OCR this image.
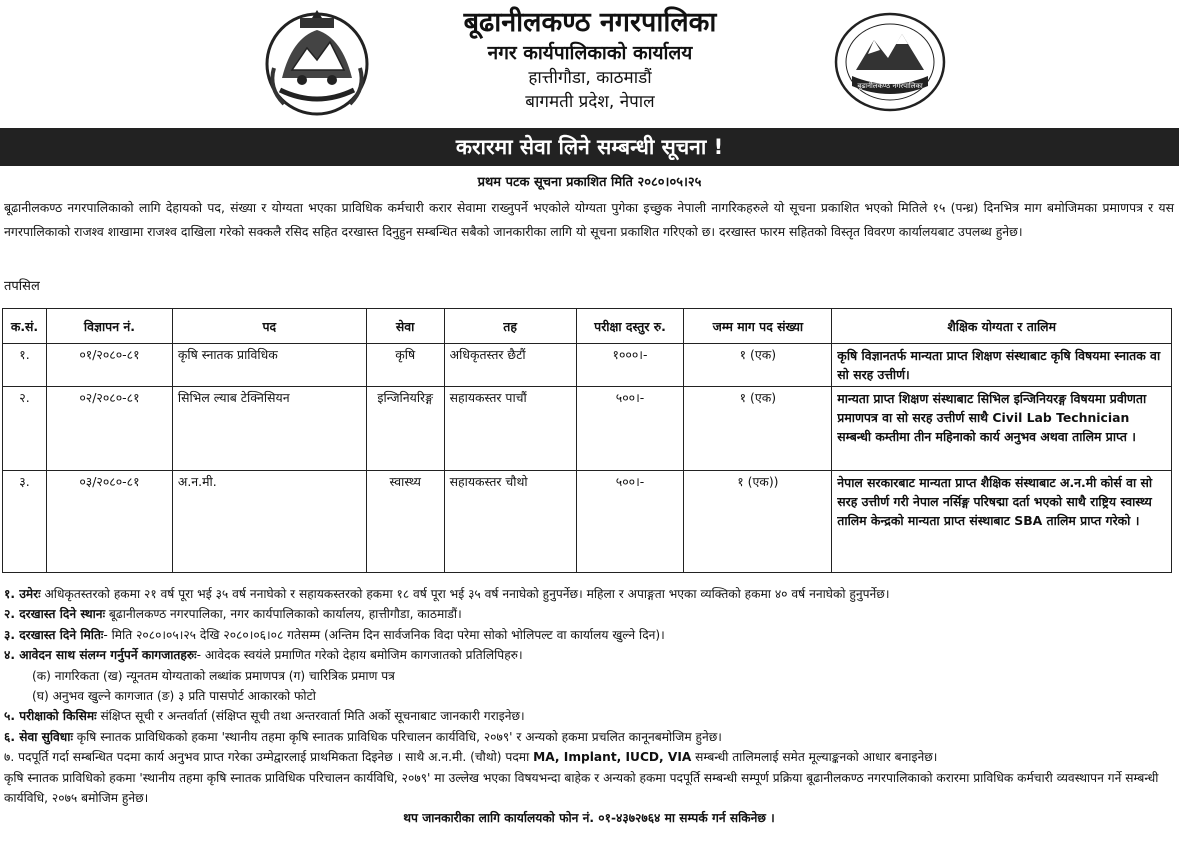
बूढानीलकण्ठ नगरपालिका
नगर कार्यपालिकाको कार्यालय
हात्तीगौडा, काठमाडौं
बागमती प्रदेश, नेपाल
बूढानीलकण्ठ नगरपालिका
करारमा सेवा लिने सम्बन्धी सूचना !
प्रथम पटक सूचना प्रकाशित मिति २०८०।०५।२५
बूढानीलकण्ठ नगरपालिकाको लागि देहायको पद, संख्या र योग्यता भएका प्राविधिक कर्मचारी करार सेवामा राख्नुपर्ने भएकोले योग्यता पुगेका इच्छुक नेपाली नागरिकहरुले यो सूचना प्रकाशित भएको मितिले १५ (पन्ध्र) दिनभित्र माग बमोजिमका प्रमाणपत्र र यस नगरपालिकाको राजश्व शाखामा राजश्व दाखिला गरेको सक्कलै रसिद सहित दरखास्त दिनुहुन सम्बन्धित सबैको जानकारीका लागि यो सूचना प्रकाशित गरिएको छ। दरखास्त फारम सहितको विस्तृत विवरण कार्यालयबाट उपलब्ध हुनेछ।
तपसिल
क.सं.	विज्ञापन नं.	पद	सेवा	तह	परीक्षा दस्तुर रु.	जम्म माग पद संख्या	शैक्षिक योग्यता र तालिम
१.	०१/२०८०-८१	कृषि स्नातक प्राविधिक	कृषि	अधिकृतस्तर छैटौं	१०००।-	१ (एक)	कृषि विज्ञानतर्फ मान्यता प्राप्त शिक्षण संस्थाबाट कृषि विषयमा स्नातक वा सो सरह उत्तीर्ण।
२.	०२/२०८०-८१	सिभिल ल्याब टेक्निसियन	इन्जिनियरिङ्ग	सहायकस्तर पाचौं	५००।-	१ (एक)	मान्यता प्राप्त शिक्षण संस्थाबाट सिभिल इन्जिनियरङ्ग विषयमा प्रवीणता प्रमाणपत्र वा सो सरह उत्तीर्ण साथै Civil Lab Technician सम्बन्धी कम्तीमा तीन महिनाको कार्य अनुभव अथवा तालिम प्राप्त ।
३.	०३/२०८०-८१	अ.न.मी.	स्वास्थ्य	सहायकस्तर चौथो	५००।-	१ (एक))	नेपाल सरकारबाट मान्यता प्राप्त शैक्षिक संस्थाबाट अ.न.मी कोर्स वा सो सरह उत्तीर्ण गरी नेपाल नर्सिङ्ग परिषद्मा दर्ता भएको साथै राष्ट्रिय स्वास्थ्य तालिम केन्द्रको मान्यता प्राप्त संस्थाबाट SBA तालिम प्राप्त गरेको ।

१. उमेरः अधिकृतस्तरको हकमा २१ वर्ष पूरा भई ३५ वर्ष ननाघेको र सहायकस्तरको हकमा १८ वर्ष पूरा भई ३५ वर्ष ननाघेको हुनुपर्नेछ। महिला र अपाङ्गता भएका व्यक्तिको हकमा ४० वर्ष ननाघेको हुनुपर्नेछ।

२. दरखास्त दिने स्थानः बूढानीलकण्ठ नगरपालिका, नगर कार्यपालिकाको कार्यालय, हात्तीगौडा, काठमाडौं।

३. दरखास्त दिने मितिः- मिति २०८०।०५।२५ देखि २०८०।०६।०८ गतेसम्म (अन्तिम दिन सार्वजनिक विदा परेमा सोको भोलिपल्ट वा कार्यालय खुल्ने दिन)।

४. आवेदन साथ संलग्न गर्नुपर्ने कागजातहरुः- आवेदक स्वयंले प्रमाणित गरेको देहाय बमोजिम कागजातको प्रतिलिपिहरु।

(क) नागरिकता (ख) न्यूनतम योग्यताको लब्धांक प्रमाणपत्र (ग) चारित्रिक प्रमाण पत्र

(घ) अनुभव खुल्ने कागजात (ङ) ३ प्रति पासपोर्ट आकारको फोटो

५. परीक्षाको किसिमः संक्षिप्त सूची र अन्तर्वार्ता (संक्षिप्त सूची तथा अन्तरवार्ता मिति अर्को सूचनाबाट जानकारी गराइनेछ।

६. सेवा सुविधाः कृषि स्नातक प्राविधिकको हकमा 'स्थानीय तहमा कृषि स्नातक प्राविधिक परिचालन कार्यविधि, २०७९' र अन्यको हकमा प्रचलित कानूनबमोजिम हुनेछ।

७. पदपूर्ति गर्दा सम्बन्धित पदमा कार्य अनुभव प्राप्त गरेका उम्मेद्वारलाई प्राथमिकता दिइनेछ । साथै अ.न.मी. (चौथो) पदमा MA, Implant, IUCD, VIA सम्बन्धी तालिमलाई समेत मूल्याङ्कनको आधार बनाइनेछ।

कृषि स्नातक प्राविधिको हकमा 'स्थानीय तहमा कृषि स्नातक प्राविधिक परिचालन कार्यविधि, २०७९' मा उल्लेख भएका विषयभन्दा बाहेक र अन्यको हकमा पदपूर्ति सम्बन्धी सम्पूर्ण प्रक्रिया बूढानीलकण्ठ नगरपालिकाको करारमा प्राविधिक कर्मचारी व्यवस्थापन गर्ने सम्बन्धी कार्यविधि, २०७५ बमोजिम हुनेछ।

थप जानकारीका लागि कार्यालयको फोन नं. ०१-४३७२७६४ मा सम्पर्क गर्न सकिनेछ ।
